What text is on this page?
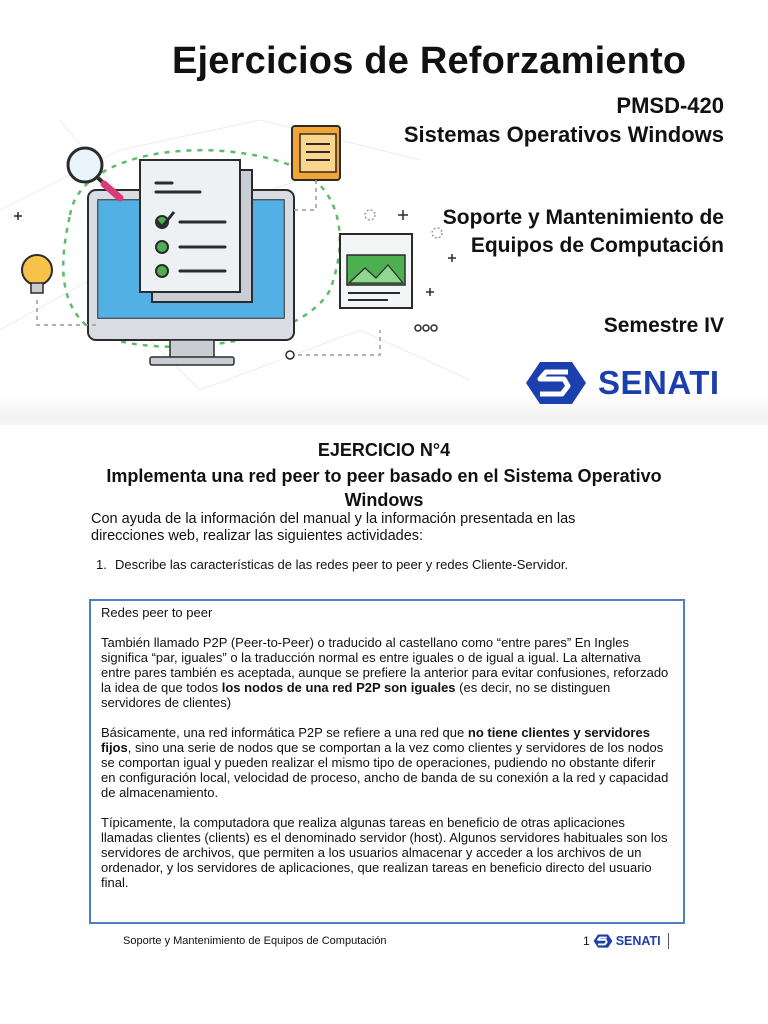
Ejercicios de Reforzamiento
PMSD-420
Sistemas Operativos Windows
Soporte y Mantenimiento de
Equipos de Computación
Semestre IV
SENATI
EJERCICIO N°4
Implementa una red peer to peer basado en el Sistema Operativo Windows
Con ayuda de la información del manual y la información presentada en las direcciones web, realizar las siguientes actividades:
1. Describe las características de las redes peer to peer y redes Cliente-Servidor.

Redes peer to peer

También llamado P2P (Peer-to-Peer) o traducido al castellano como “entre pares” En Ingles significa “par, iguales” o la traducción normal es entre iguales o de igual a igual. La alternativa entre pares también es aceptada, aunque se prefiere la anterior para evitar confusiones, reforzado la idea de que todos los nodos de una red P2P son iguales (es decir, no se distinguen servidores de clientes)

Básicamente, una red informática P2P se refiere a una red que no tiene clientes y servidores fijos, sino una serie de nodos que se comportan a la vez como clientes y servidores de los nodos se comportan igual y pueden realizar el mismo tipo de operaciones, pudiendo no obstante diferir en configuración local, velocidad de proceso, ancho de banda de su conexión a la red y capacidad de almacenamiento.

Típicamente, la computadora que realiza algunas tareas en beneficio de otras aplicaciones llamadas clientes (clients) es el denominado servidor (host). Algunos servidores habituales son los servidores de archivos, que permiten a los usuarios almacenar y acceder a los archivos de un ordenador, y los servidores de aplicaciones, que realizan tareas en beneficio directo del usuario final.

Soporte y Mantenimiento de Equipos de Computación	1 SENATI
